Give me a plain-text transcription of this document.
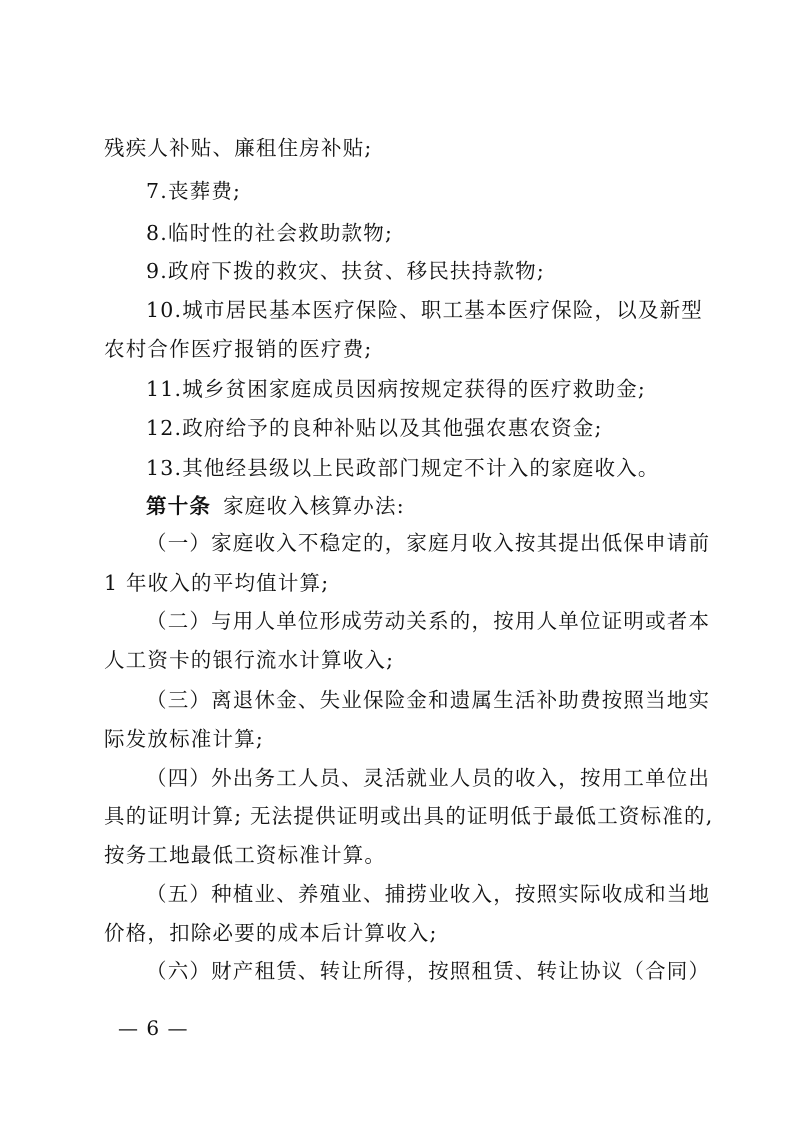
残疾人补贴、廉租住房补贴;
7.丧葬费;
8.临时性的社会救助款物;
9.政府下拨的救灾、扶贫、移民扶持款物;
10.城市居民基本医疗保险、职工基本医疗保险，以及新型
农村合作医疗报销的医疗费;
11.城乡贫困家庭成员因病按规定获得的医疗救助金;
12.政府给予的良种补贴以及其他强农惠农资金;
13.其他经县级以上民政部门规定不计入的家庭收入。
第十条 家庭收入核算办法:
（一）家庭收入不稳定的，家庭月收入按其提出低保申请前
1 年收入的平均值计算;
（二）与用人单位形成劳动关系的，按用人单位证明或者本
人工资卡的银行流水计算收入;
（三）离退休金、失业保险金和遗属生活补助费按照当地实
际发放标准计算;
（四）外出务工人员、灵活就业人员的收入，按用工单位出
具的证明计算; 无法提供证明或出具的证明低于最低工资标准的,
按务工地最低工资标准计算。
（五）种植业、养殖业、捕捞业收入，按照实际收成和当地
价格，扣除必要的成本后计算收入;
（六）财产租赁、转让所得，按照租赁、转让协议（合同）
— 6 —
